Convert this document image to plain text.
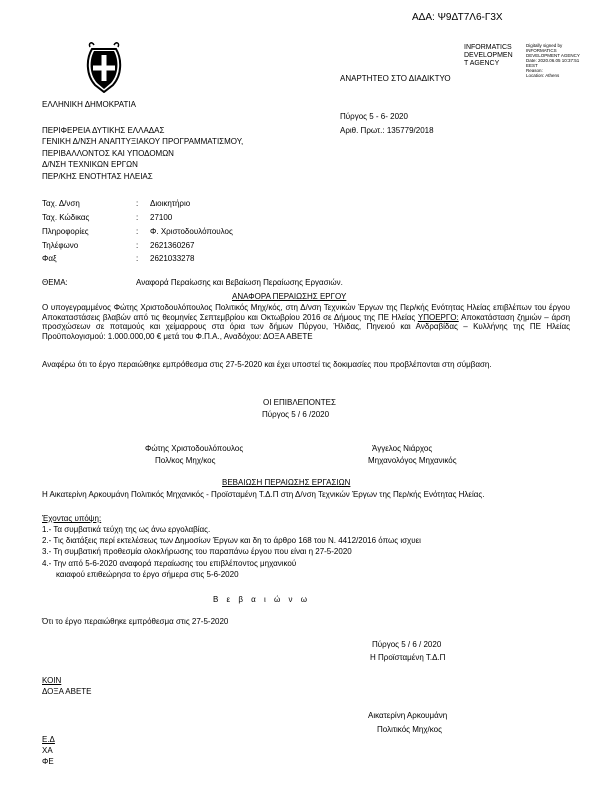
ΑΔΑ: Ψ9ΔΤ7Λ6-Γ3Χ
INFORMATICS
DEVELOPMEN
T AGENCY
Digitally signed by
INFORMATICS
DEVELOPMENT AGENCY
Date: 2020.06.05 10:37:51
EEST
Reason:
Location: Athens
ΑΝΑΡΤΗΤΕΟ ΣΤΟ ΔΙΑΔΙΚΤΥΟ
ΕΛΛΗΝΙΚΗ ΔΗΜΟΚΡΑΤΙΑ
Πύργος 5 - 6- 2020
Αριθ. Πρωτ.: 135779/2018
ΠΕΡΙΦΕΡΕΙΑ ΔΥΤΙΚΗΣ ΕΛΛΑΔΑΣ
ΓΕΝΙΚΗ Δ/ΝΣΗ ΑΝΑΠΤΥΞΙΑΚΟΥ ΠΡΟΓΡΑΜΜΑΤΙΣΜΟΥ,
ΠΕΡΙΒΑΛΛΟΝΤΟΣ ΚΑΙ ΥΠΟΔΟΜΩΝ
Δ/ΝΣΗ ΤΕΧΝΙΚΩΝ ΕΡΓΩΝ
ΠΕΡ/ΚΗΣ ΕΝΟΤΗΤΑΣ ΗΛΕΙΑΣ
Ταχ. Δ/νση	: Διοικητήριο
Ταχ. Κώδικας	: 27100
Πληροφορίες	: Φ. Χριστοδουλόπουλος
Τηλέφωνο	: 2621360267
Φαξ	: 2621033278
ΘΕΜΑ:	Αναφορά Περαίωσης και Βεβαίωση Περαίωσης Εργασιών.
ΑΝΑΦΟΡΑ ΠΕΡΑΙΩΣΗΣ ΕΡΓΟΥ
Ο υπογεγραμμένος Φώτης Χριστοδουλόπουλος Πολιτικός Μηχ/κός, στη Δ/νση Τεχνικών Έργων της Περ/κής Ενότητας Ηλείας επιβλέπων του έργου Αποκαταστάσεις βλαβών από τις θεομηνίες Σεπτεμβρίου και Οκτωβρίου 2016 σε Δήμους της ΠΕ Ηλείας ΥΠΟΕΡΓΟ: Αποκατάσταση ζημιών – άρση προσχώσεων σε ποταμούς και χείμαρρους στα όρια των δήμων Πύργου, Ήλιδας, Πηνειού και Ανδραβίδας – Κυλλήνης της ΠΕ Ηλείας Προϋπολογισμού: 1.000.000,00 € μετά του Φ.Π.Α., Αναδόχου: ΔΟΞΑ ΑΒΕΤΕ
Αναφέρω ότι το έργο περαιώθηκε εμπρόθεσμα στις 27-5-2020 και έχει υποστεί τις δοκιμασίες που προβλέπονται στη σύμβαση.
ΟΙ ΕΠΙΒΛΕΠΟΝΤΕΣ
Πύργος 5 / 6 /2020
Φώτης Χριστοδουλόπουλος
Πολ/κος Μηχ/κος
Άγγελος Νιάρχος
Μηχανολόγος Μηχανικός
ΒΕΒΑΙΩΣΗ ΠΕΡΑΙΩΣΗΣ ΕΡΓΑΣΙΩΝ
Η Αικατερίνη Αρκουμάνη Πολιτικός Μηχανικός - Προϊσταμένη Τ.Δ.Π στη Δ/νση Τεχνικών Έργων της Περ/κής Ενότητας Ηλείας.
Έχοντας υπόψη:
1.- Τα συμβατικά τεύχη της ως άνω εργολαβίας.
2.- Τις διατάξεις περί εκτελέσεως των Δημοσίων Έργων και δη το άρθρο 168 του Ν. 4412/2016 όπως ισχυει
3.- Τη συμβατική προθεσμία ολοκλήρωσης του παραπάνω έργου που είναι η 27-5-2020
4.- Την από 5-6-2020 αναφορά περαίωσης του επιβλέποντος μηχανικού
καιαφού επιθεώρησα το έργο σήμερα στις 5-6-2020
Β ε β α ι ώ ν ω
Ότι το έργο περαιώθηκε εμπρόθεσμα στις 27-5-2020
Πύργος 5 / 6 / 2020
Η Προϊσταμένη Τ.Δ.Π
ΚΟΙΝ
ΔΟΞΑ ΑΒΕΤΕ
Αικατερίνη Αρκουμάνη
Πολιτικός Μηχ/κος
Ε.Δ
ΧΑ
ΦΕ
